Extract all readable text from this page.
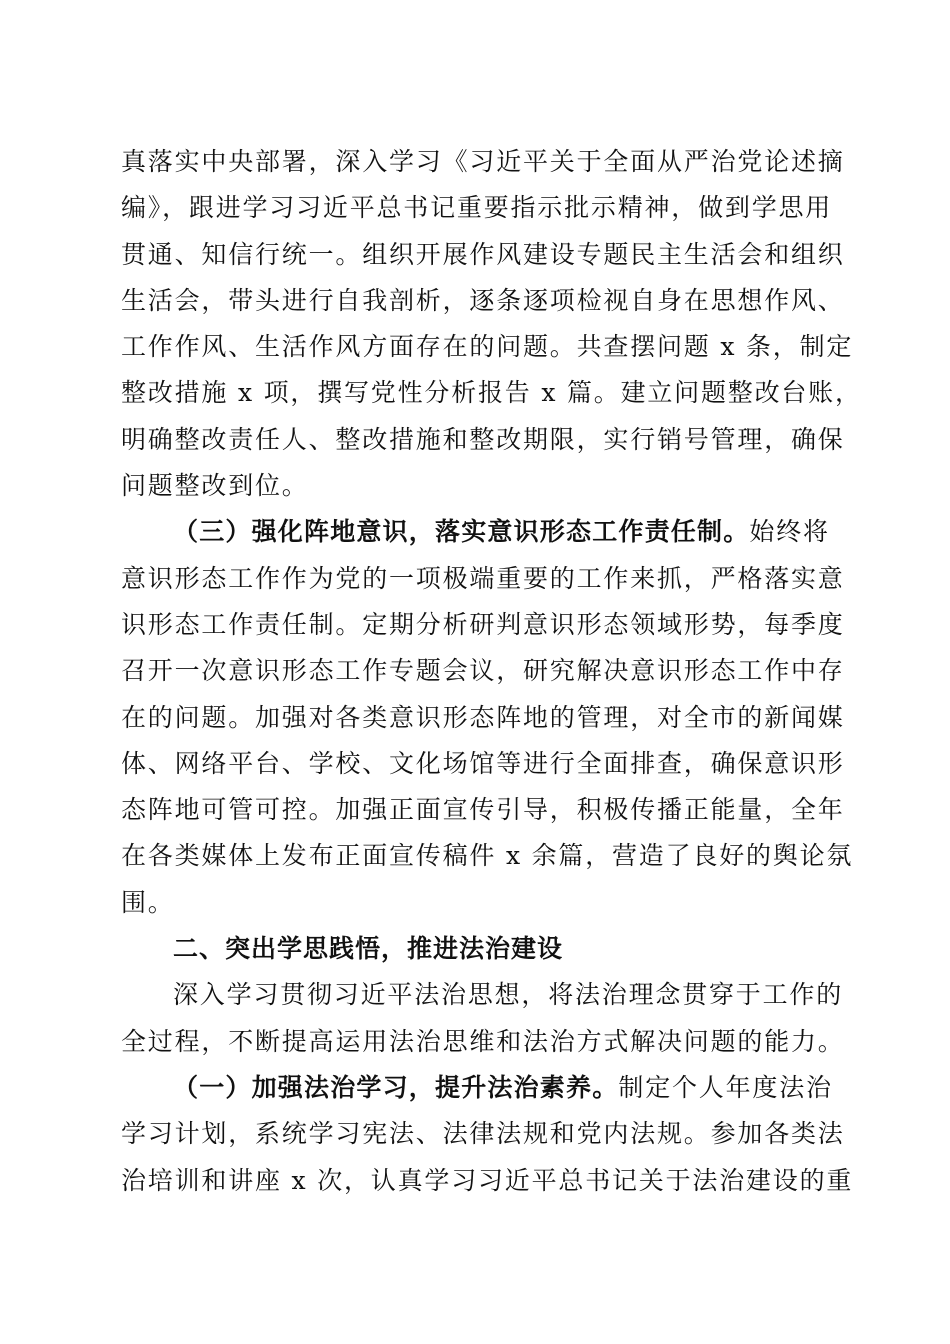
真落实中央部署，深入学习《习近平关于全面从严治党论述摘
编》，跟进学习习近平总书记重要指示批示精神，做到学思用
贯通、知信行统一。组织开展作风建设专题民主生活会和组织
生活会，带头进行自我剖析，逐条逐项检视自身在思想作风、
工作作风、生活作风方面存在的问题。共查摆问题 x 条，制定
整改措施 x 项，撰写党性分析报告 x 篇。建立问题整改台账，
明确整改责任人、整改措施和整改期限，实行销号管理，确保
问题整改到位。
（三）强化阵地意识，落实意识形态工作责任制。始终将
意识形态工作作为党的一项极端重要的工作来抓，严格落实意
识形态工作责任制。定期分析研判意识形态领域形势，每季度
召开一次意识形态工作专题会议，研究解决意识形态工作中存
在的问题。加强对各类意识形态阵地的管理，对全市的新闻媒
体、网络平台、学校、文化场馆等进行全面排查，确保意识形
态阵地可管可控。加强正面宣传引导，积极传播正能量，全年
在各类媒体上发布正面宣传稿件 x 余篇，营造了良好的舆论氛
围。
二、突出学思践悟，推进法治建设
深入学习贯彻习近平法治思想，将法治理念贯穿于工作的
全过程，不断提高运用法治思维和法治方式解决问题的能力。
（一）加强法治学习，提升法治素养。制定个人年度法治
学习计划，系统学习宪法、法律法规和党内法规。参加各类法
治培训和讲座 x 次，认真学习习近平总书记关于法治建设的重
